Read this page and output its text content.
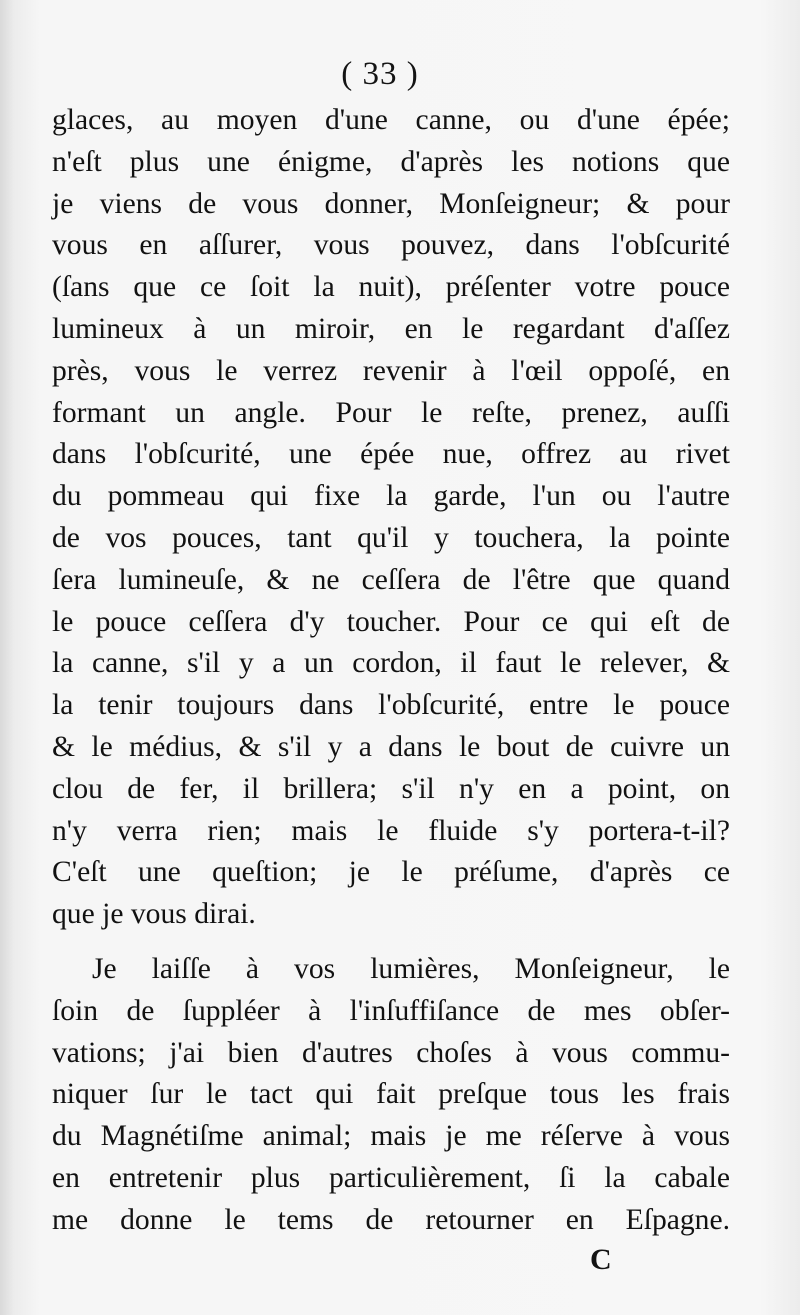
( 33 )
glaces, au moyen d'une canne, ou d'une épée;
n'eſt plus une énigme, d'après les notions que
je viens de vous donner, Monſeigneur; & pour
vous en aſſurer, vous pouvez, dans l'obſcurité
(ſans que ce ſoit la nuit), préſenter votre pouce
lumineux à un miroir, en le regardant d'aſſez
près, vous le verrez revenir à l'œil oppoſé, en
formant un angle. Pour le reſte, prenez, auſſi
dans l'obſcurité, une épée nue, offrez au rivet
du pommeau qui fixe la garde, l'un ou l'autre
de vos pouces, tant qu'il y touchera, la pointe
ſera lumineuſe, & ne ceſſera de l'être que quand
le pouce ceſſera d'y toucher. Pour ce qui eſt de
la canne, s'il y a un cordon, il faut le relever, &
la tenir toujours dans l'obſcurité, entre le pouce
& le médius, & s'il y a dans le bout de cuivre un
clou de fer, il brillera; s'il n'y en a point, on
n'y verra rien; mais le fluide s'y portera-t-il?
C'eſt une queſtion; je le préſume, d'après ce
que je vous dirai.
Je laiſſe à vos lumières, Monſeigneur, le
ſoin de ſuppléer à l'inſuffiſance de mes obſer-
vations; j'ai bien d'autres choſes à vous commu-
niquer ſur le tact qui fait preſque tous les frais
du Magnétiſme animal; mais je me réſerve à vous
en entretenir plus particulièrement, ſi la cabale
me donne le tems de retourner en Eſpagne.
C
